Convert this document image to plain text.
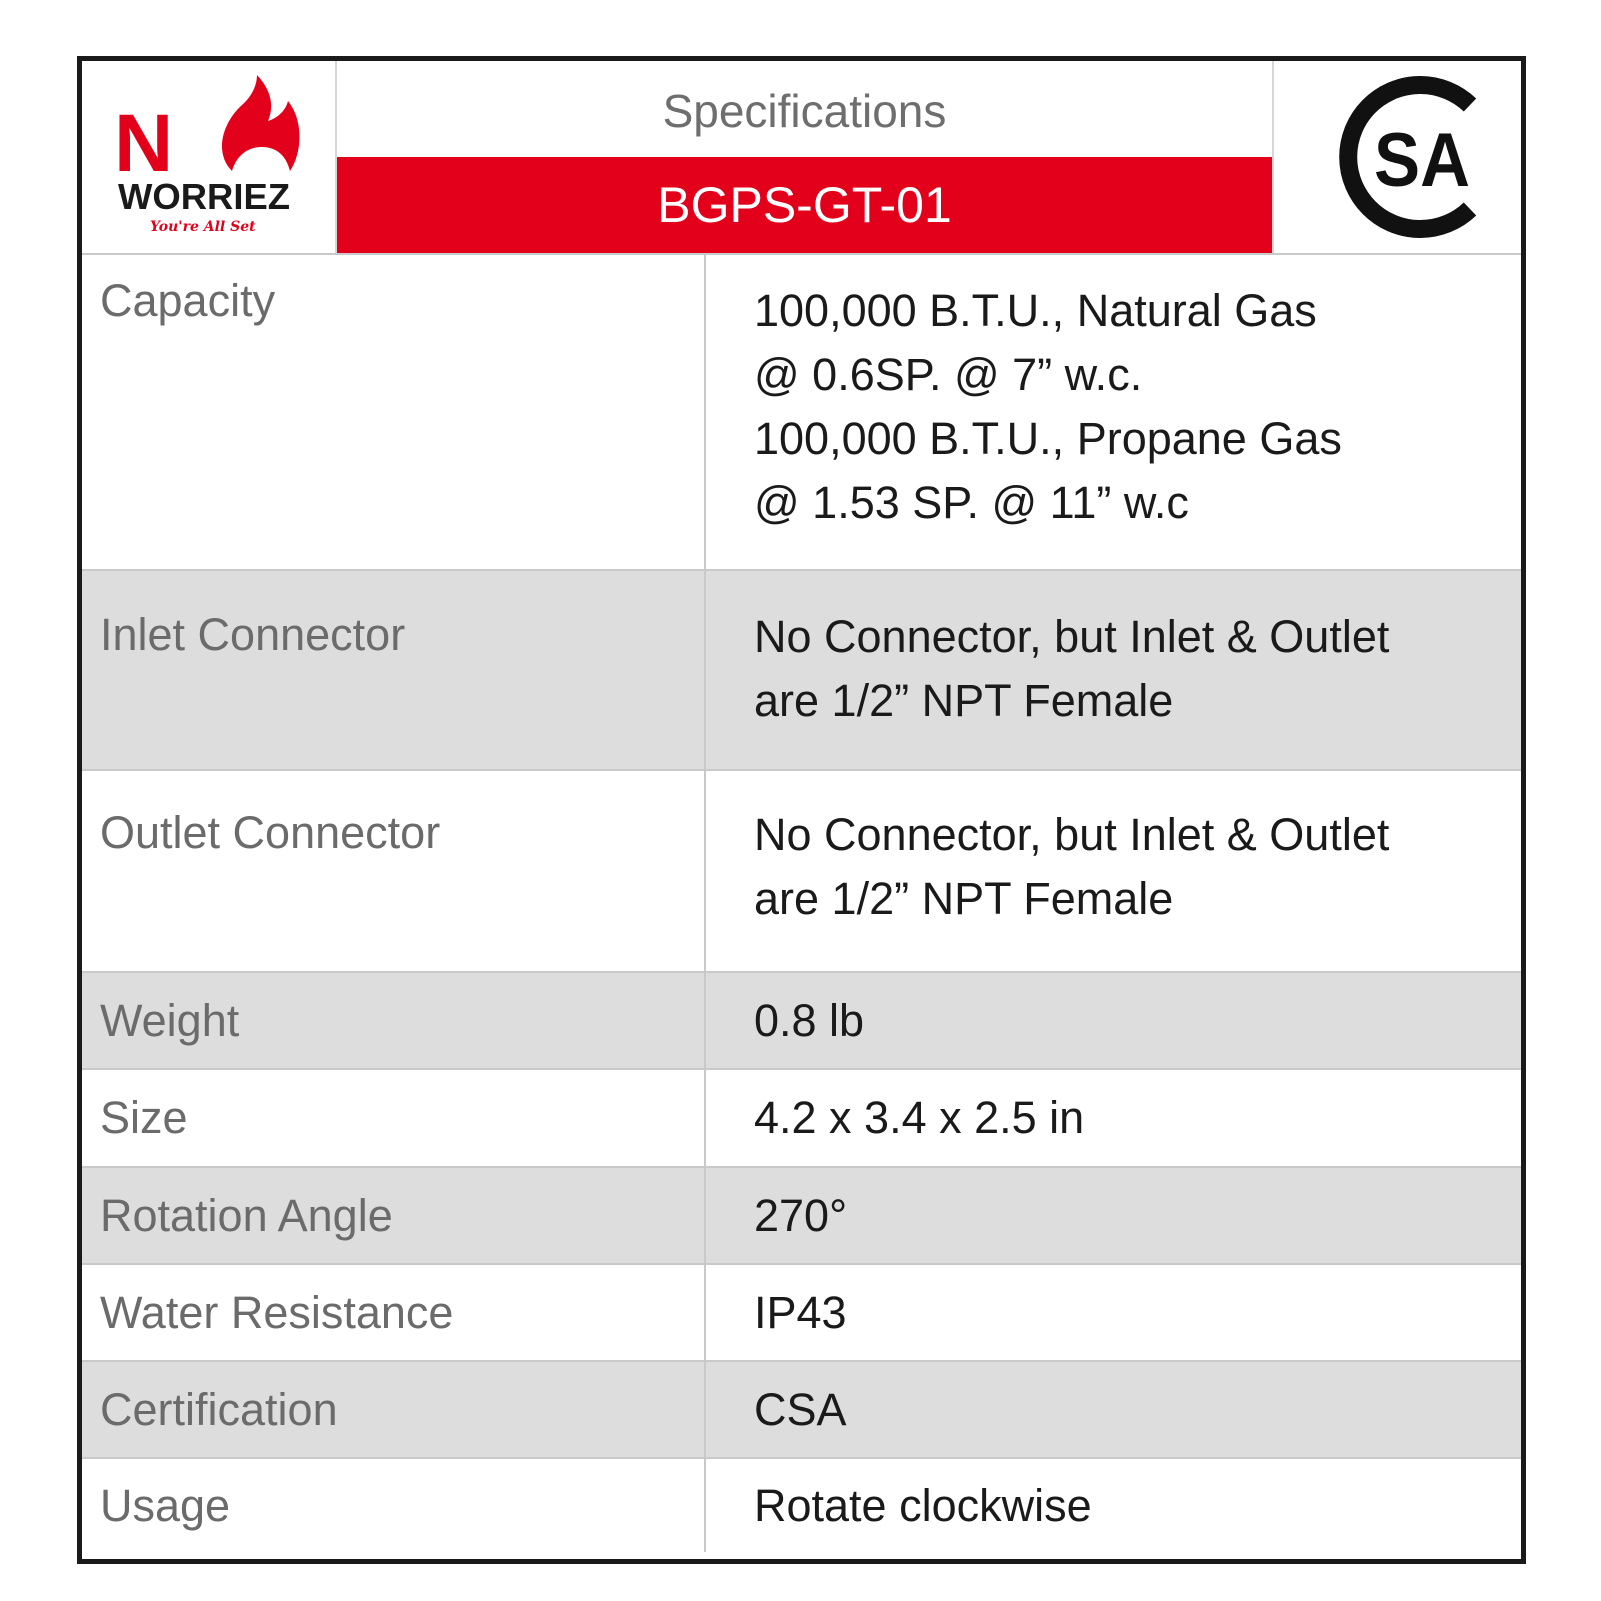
N
WORRIEZ
You're All Set
Specifications
BGPS-GT-01
SA
Capacity	100,000 B.T.U., Natural Gas
@ 0.6SP. @ 7” w.c.
100,000 B.T.U., Propane Gas
@ 1.53 SP. @ 11” w.c
Inlet Connector	No Connector, but Inlet & Outlet
are 1/2” NPT Female
Outlet Connector	No Connector, but Inlet & Outlet
are 1/2” NPT Female
Weight	0.8 lb
Size	4.2 x 3.4 x 2.5 in
Rotation Angle	270°
Water Resistance	IP43
Certification	CSA
Usage	Rotate clockwise
